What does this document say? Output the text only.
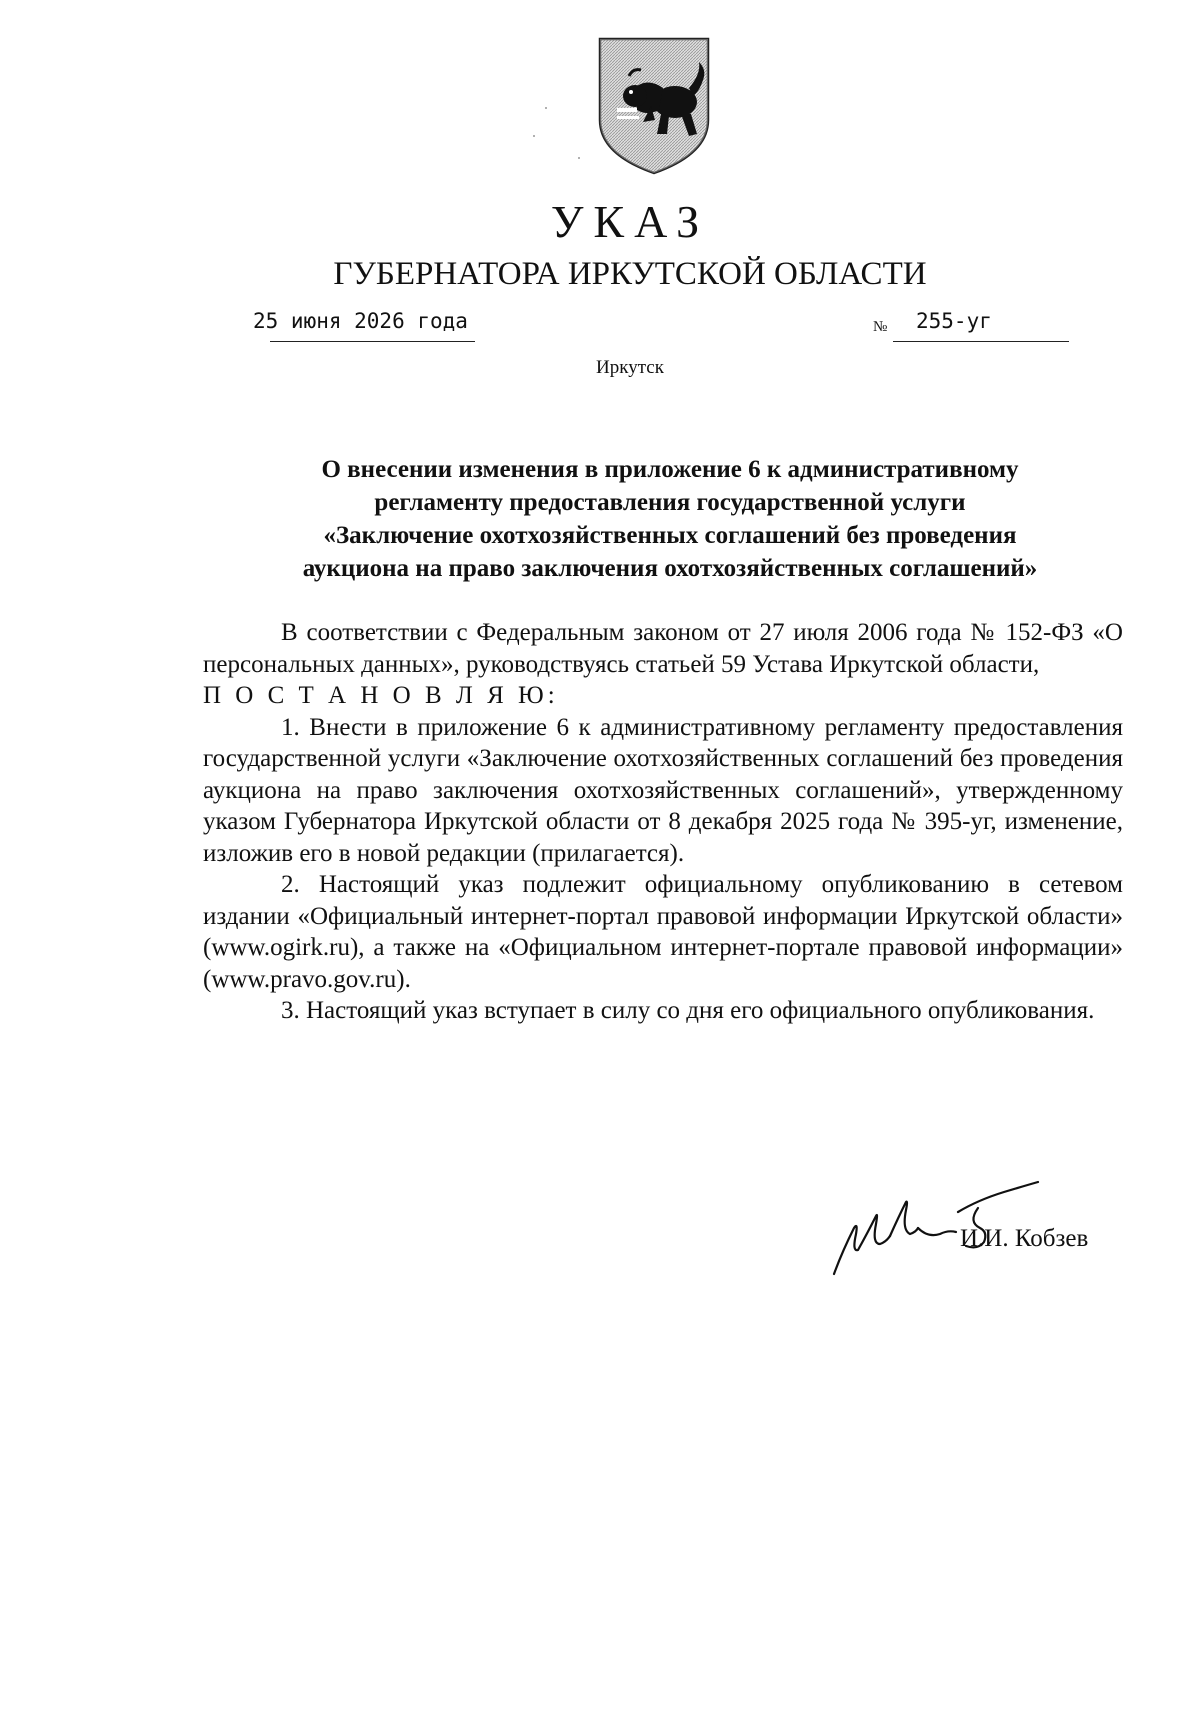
УКАЗ
ГУБЕРНАТОРА ИРКУТСКОЙ ОБЛАСТИ
25 июня 2026 года	№ 255-уг
Иркутск
О внесении изменения в приложение 6 к административному
регламенту предоставления государственной услуги
«Заключение охотхозяйственных соглашений без проведения
аукциона на право заключения охотхозяйственных соглашений»

В соответствии с Федеральным законом от 27 июля 2006 года № 152-ФЗ «О персональных данных», руководствуясь статьей 59 Устава Иркутской области,

П О С Т А Н О В Л Я Ю:

1. Внести в приложение 6 к административному регламенту предоставления государственной услуги «Заключение охотхозяйственных соглашений без проведения аукциона на право заключения охотхозяйственных соглашений», утвержденному указом Губернатора Иркутской области от 8 декабря 2025 года № 395-уг, изменение, изложив его в новой редакции (прилагается).

2. Настоящий указ подлежит официальному опубликованию в сетевом издании «Официальный интернет-портал правовой информации Иркутской области» (www.ogirk.ru), а также на «Официальном интернет-портале правовой информации» (www.pravo.gov.ru).

3. Настоящий указ вступает в силу со дня его официального опубликования.

И.И. Кобзев
